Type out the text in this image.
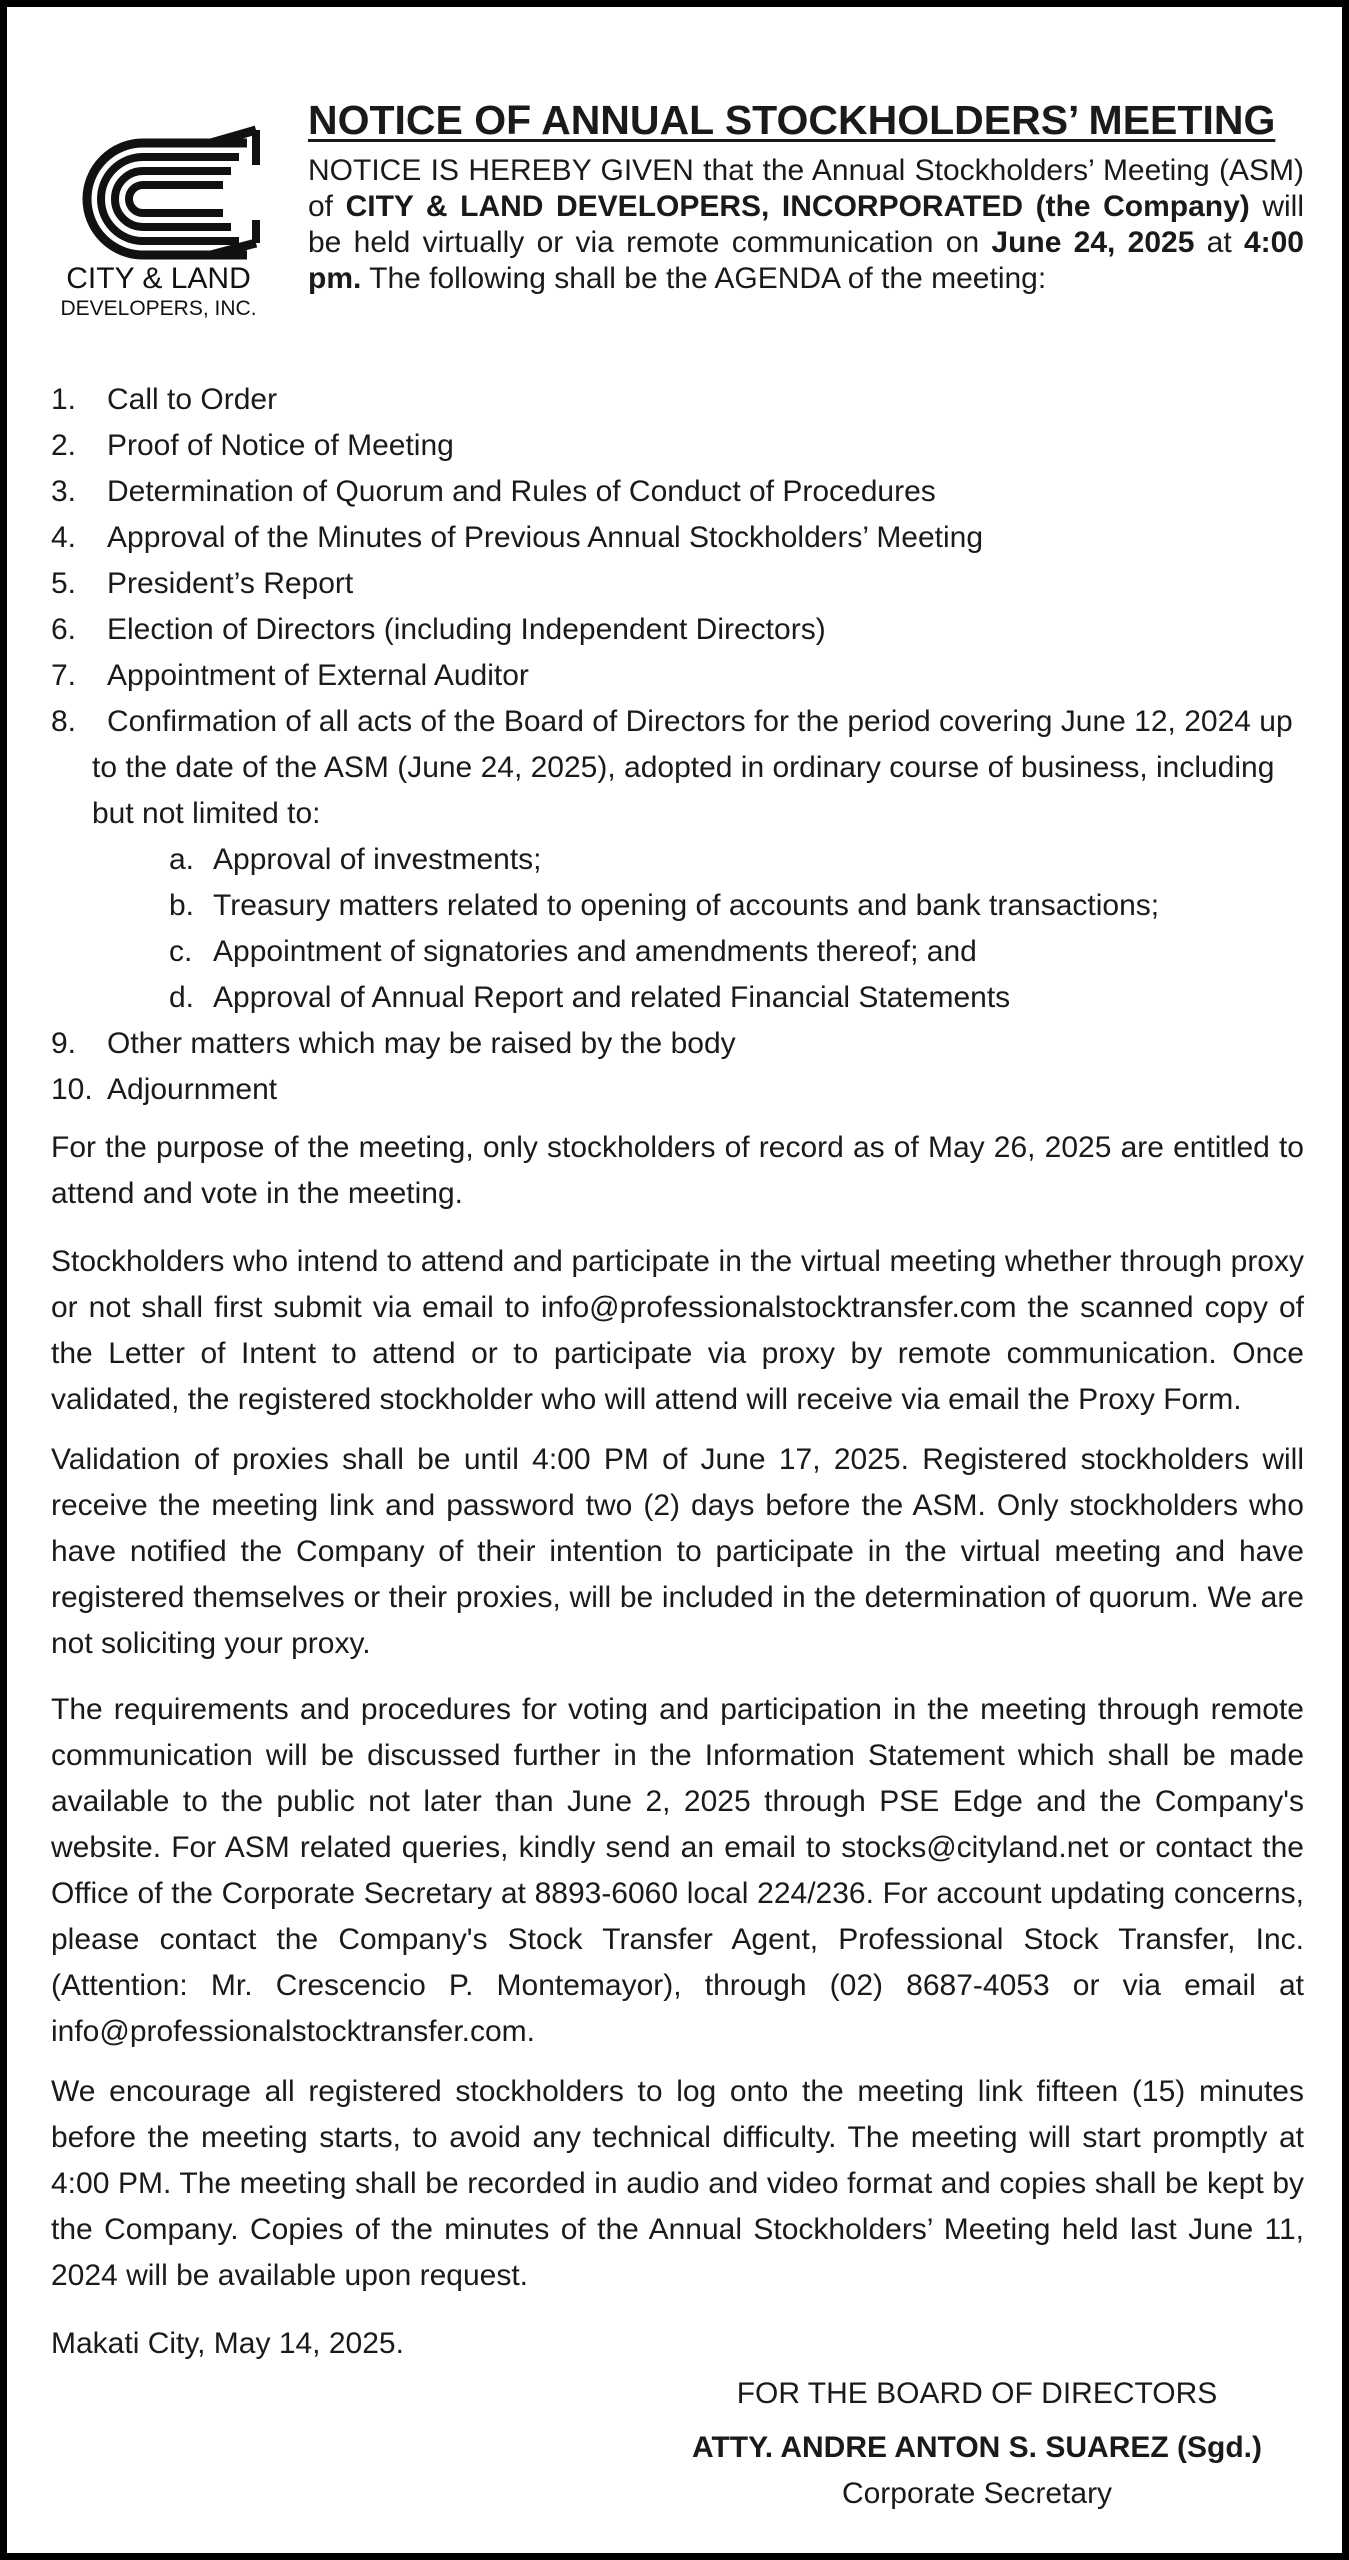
CITY & LAND
DEVELOPERS, INC.
NOTICE OF ANNUAL STOCKHOLDERS’ MEETING

NOTICE IS HEREBY GIVEN that the Annual Stockholders’ Meeting (ASM) of CITY & LAND DEVELOPERS, INCORPORATED (the Company) will be held virtually or via remote communication on June 24, 2025 at 4:00 pm. The following shall be the AGENDA of the meeting:

1. Call to Order
2. Proof of Notice of Meeting
3. Determination of Quorum and Rules of Conduct of Procedures
4. Approval of the Minutes of Previous Annual Stockholders’ Meeting
5. President’s Report
6. Election of Directors (including Independent Directors)
7. Appointment of External Auditor
8. Confirmation of all acts of the Board of Directors for the period covering June 12, 2024 up
to the date of the ASM (June 24, 2025), adopted in ordinary course of business, including
but not limited to:
a. Approval of investments;
b. Treasury matters related to opening of accounts and bank transactions;
c. Appointment of signatories and amendments thereof; and
d. Approval of Annual Report and related Financial Statements
9. Other matters which may be raised by the body
10. Adjournment

For the purpose of the meeting, only stockholders of record as of May 26, 2025 are entitled to attend and vote in the meeting.

Stockholders who intend to attend and participate in the virtual meeting whether through proxy or not shall first submit via email to info@professionalstocktransfer.com the scanned copy of the Letter of Intent to attend or to participate via proxy by remote communication. Once validated, the registered stockholder who will attend will receive via email the Proxy Form.

Validation of proxies shall be until 4:00 PM of June 17, 2025. Registered stockholders will receive the meeting link and password two (2) days before the ASM. Only stockholders who have notified the Company of their intention to participate in the virtual meeting and have registered themselves or their proxies, will be included in the determination of quorum. We are not soliciting your proxy.

The requirements and procedures for voting and participation in the meeting through remote communication will be discussed further in the Information Statement which shall be made available to the public not later than June 2, 2025 through PSE Edge and the Company's website. For ASM related queries, kindly send an email to stocks@cityland.net or contact the Office of the Corporate Secretary at 8893-6060 local 224/236. For account updating concerns, please contact the Company's Stock Transfer Agent, Professional Stock Transfer, Inc. (Attention: Mr. Crescencio P. Montemayor), through (02) 8687-4053 or via email at info@professionalstocktransfer.com.

We encourage all registered stockholders to log onto the meeting link fifteen (15) minutes before the meeting starts, to avoid any technical difficulty. The meeting will start promptly at 4:00 PM. The meeting shall be recorded in audio and video format and copies shall be kept by the Company. Copies of the minutes of the Annual Stockholders’ Meeting held last June 11, 2024 will be available upon request.

Makati City, May 14, 2025.

FOR THE BOARD OF DIRECTORS

ATTY. ANDRE ANTON S. SUAREZ (Sgd.)

Corporate Secretary
